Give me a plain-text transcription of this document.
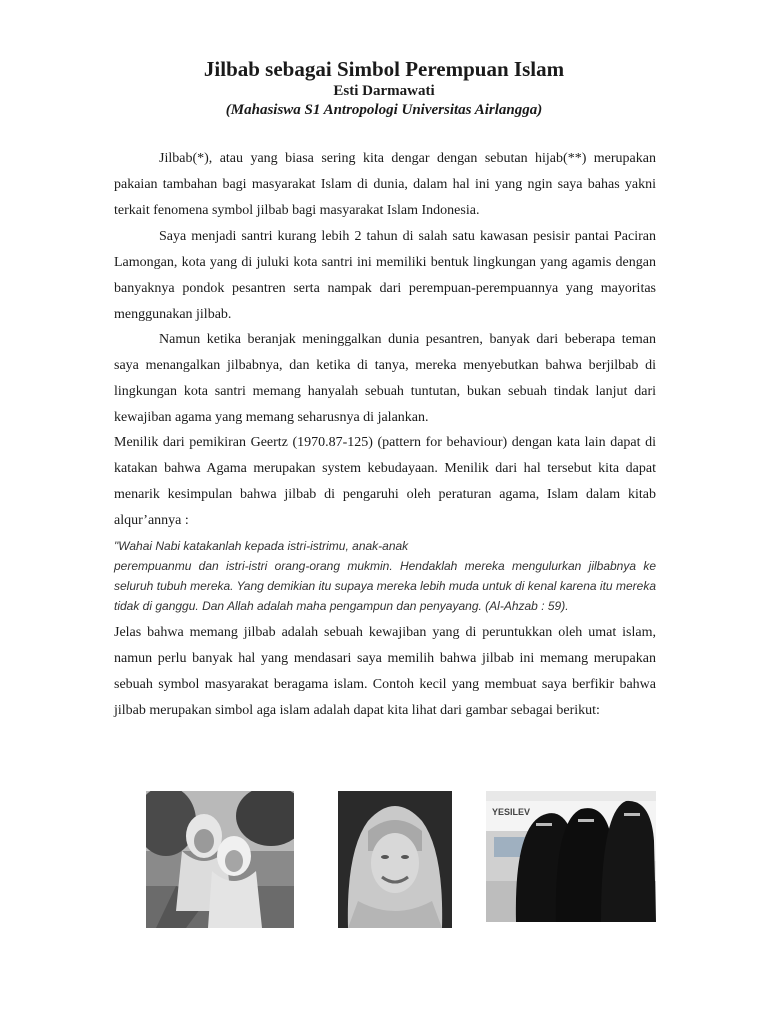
Jilbab sebagai Simbol Perempuan Islam
Esti Darmawati
(Mahasiswa S1 Antropologi Universitas Airlangga)
Jilbab(*), atau yang biasa sering kita dengar dengan sebutan hijab(**) merupakan pakaian tambahan bagi masyarakat Islam di dunia, dalam hal ini yang ngin saya bahas yakni terkait fenomena symbol jilbab bagi masyarakat Islam Indonesia.
Saya menjadi santri kurang lebih 2 tahun di salah satu kawasan pesisir pantai Paciran Lamongan, kota yang di juluki kota santri ini memiliki bentuk lingkungan yang agamis dengan banyaknya pondok pesantren serta nampak dari perempuan-perempuannya yang mayoritas menggunakan jilbab.
Namun ketika beranjak meninggalkan dunia pesantren, banyak dari beberapa teman saya menangalkan jilbabnya, dan ketika di tanya, mereka menyebutkan bahwa berjilbab di lingkungan kota santri memang hanyalah sebuah tuntutan, bukan sebuah tindak lanjut dari kewajiban agama yang memang seharusnya di jalankan.
Menilik dari pemikiran Geertz (1970.87-125) (pattern for behaviour) dengan kata lain dapat di katakan bahwa Agama merupakan system kebudayaan. Menilik dari hal tersebut kita dapat menarik kesimpulan bahwa jilbab di pengaruhi oleh peraturan agama, Islam dalam kitab alqur’annya :
"Wahai Nabi katakanlah kepada istri-istrimu, anak-anak
perempuanmu dan istri-istri orang-orang mukmin. Hendaklah mereka mengulurkan jilbabnya ke seluruh tubuh mereka. Yang demikian itu supaya mereka lebih muda untuk di kenal karena itu mereka tidak di ganggu. Dan Allah adalah maha pengampun dan penyayang. (Al-Ahzab : 59).
Jelas bahwa memang jilbab adalah sebuah kewajiban yang di peruntukkan oleh umat islam, namun perlu banyak hal yang mendasari saya memilih bahwa jilbab ini memang merupakan sebuah symbol masyarakat beragama islam. Contoh kecil yang membuat saya berfikir bahwa jilbab merupakan simbol aga islam adalah dapat kita lihat dari gambar sebagai berikut:
YESILEV
